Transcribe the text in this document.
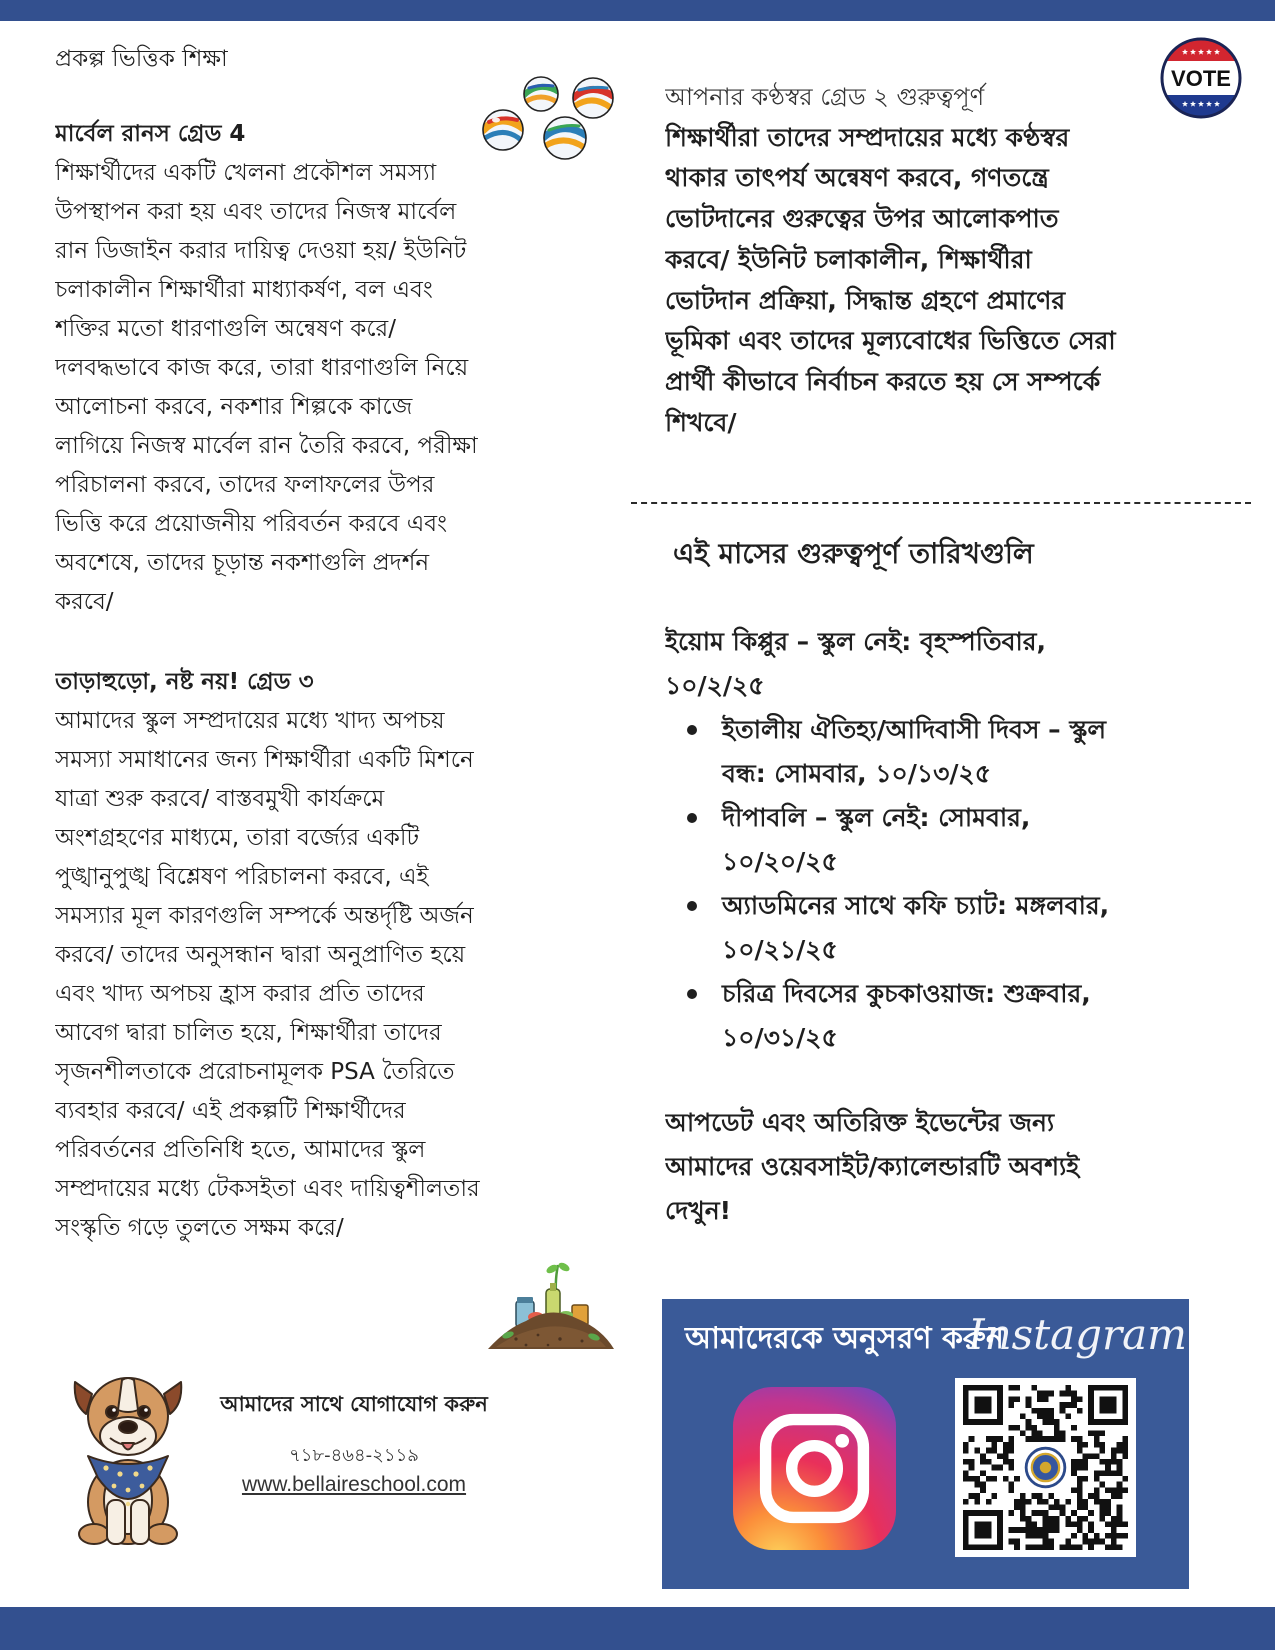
প্রকল্প ভিত্তিক শিক্ষা
মার্বেল রানস গ্রেড 4
শিক্ষার্থীদের একটি খেলনা প্রকৌশল সমস্যা
উপস্থাপন করা হয় এবং তাদের নিজস্ব মার্বেল
রান ডিজাইন করার দায়িত্ব দেওয়া হয়/ ইউনিট
চলাকালীন শিক্ষার্থীরা মাধ্যাকর্ষণ, বল এবং
শক্তির মতো ধারণাগুলি অন্বেষণ করে/
দলবদ্ধভাবে কাজ করে, তারা ধারণাগুলি নিয়ে
আলোচনা করবে, নকশার শিল্পকে কাজে
লাগিয়ে নিজস্ব মার্বেল রান তৈরি করবে, পরীক্ষা
পরিচালনা করবে, তাদের ফলাফলের উপর
ভিত্তি করে প্রয়োজনীয় পরিবর্তন করবে এবং
অবশেষে, তাদের চূড়ান্ত নকশাগুলি প্রদর্শন
করবে/
তাড়াহুড়ো, নষ্ট নয়! গ্রেড ৩
আমাদের স্কুল সম্প্রদায়ের মধ্যে খাদ্য অপচয়
সমস্যা সমাধানের জন্য শিক্ষার্থীরা একটি মিশনে
যাত্রা শুরু করবে/ বাস্তবমুখী কার্যক্রমে
অংশগ্রহণের মাধ্যমে, তারা বর্জ্যের একটি
পুঙ্খানুপুঙ্খ বিশ্লেষণ পরিচালনা করবে, এই
সমস্যার মূল কারণগুলি সম্পর্কে অন্তর্দৃষ্টি অর্জন
করবে/ তাদের অনুসন্ধান দ্বারা অনুপ্রাণিত হয়ে
এবং খাদ্য অপচয় হ্রাস করার প্রতি তাদের
আবেগ দ্বারা চালিত হয়ে, শিক্ষার্থীরা তাদের
সৃজনশীলতাকে প্ররোচনামূলক PSA তৈরিতে
ব্যবহার করবে/ এই প্রকল্পটি শিক্ষার্থীদের
পরিবর্তনের প্রতিনিধি হতে, আমাদের স্কুল
সম্প্রদায়ের মধ্যে টেকসইতা এবং দায়িত্বশীলতার
সংস্কৃতি গড়ে তুলতে সক্ষম করে/
আমাদের সাথে যোগাযোগ করুন
৭১৮-৪৬৪-২১১৯
www.bellaireschool.com
আপনার কণ্ঠস্বর গ্রেড ২ গুরুত্বপূর্ণ
শিক্ষার্থীরা তাদের সম্প্রদায়ের মধ্যে কণ্ঠস্বর
থাকার তাৎপর্য অন্বেষণ করবে, গণতন্ত্রে
ভোটদানের গুরুত্বের উপর আলোকপাত
করবে/ ইউনিট চলাকালীন, শিক্ষার্থীরা
ভোটদান প্রক্রিয়া, সিদ্ধান্ত গ্রহণে প্রমাণের
ভূমিকা এবং তাদের মূল্যবোধের ভিত্তিতে সেরা
প্রার্থী কীভাবে নির্বাচন করতে হয় সে সম্পর্কে
শিখবে/
VOTE
এই মাসের গুরুত্বপূর্ণ তারিখগুলি
ইয়োম কিপ্পুর – স্কুল নেই: বৃহস্পতিবার,
১০/২/২৫
ইতালীয় ঐতিহ্য/আদিবাসী দিবস – স্কুল
বন্ধ: সোমবার, ১০/১৩/২৫
দীপাবলি – স্কুল নেই: সোমবার,
১০/২০/২৫
অ্যাডমিনের সাথে কফি চ্যাট: মঙ্গলবার,
১০/২১/২৫
চরিত্র দিবসের কুচকাওয়াজ: শুক্রবার,
১০/৩১/২৫
আপডেট এবং অতিরিক্ত ইভেন্টের জন্য
আমাদের ওয়েবসাইট/ক্যালেন্ডারটি অবশ্যই
দেখুন!
আমাদেরকে অনুসরণ করুন
Instagram
